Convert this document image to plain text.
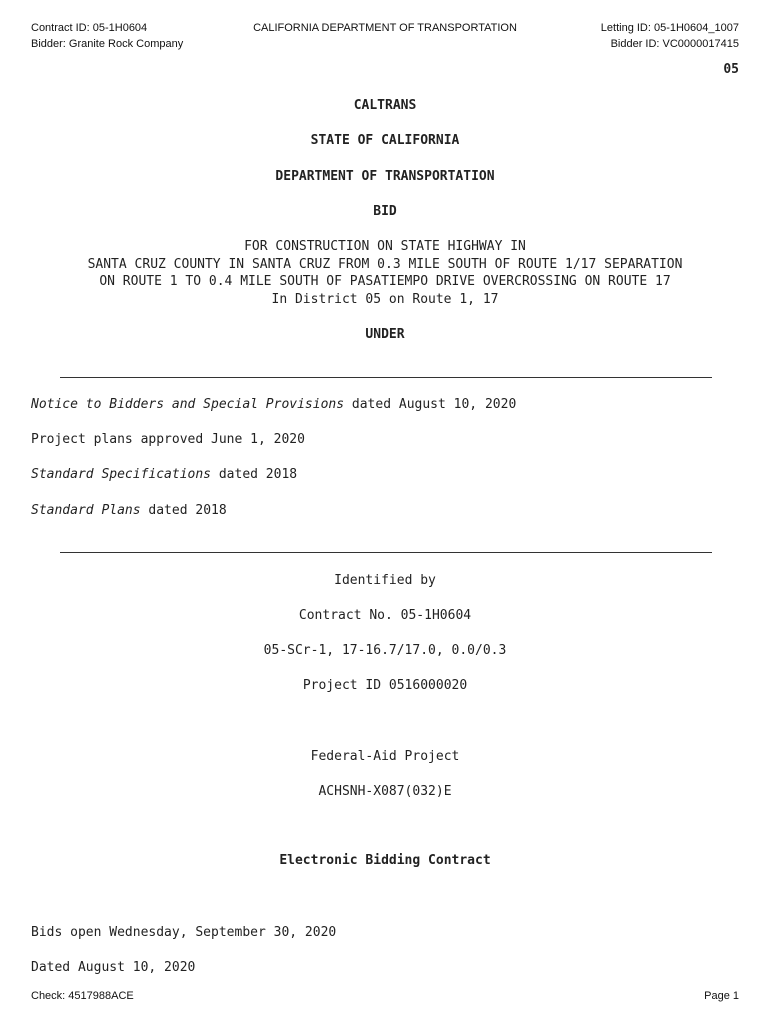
Contract ID: 05-1H0604
Bidder: Granite Rock Company
CALIFORNIA DEPARTMENT OF TRANSPORTATION	Letting ID: 05-1H0604_1007
Bidder ID: VC0000017415
05
CALTRANS
STATE OF CALIFORNIA
DEPARTMENT OF TRANSPORTATION
BID
FOR CONSTRUCTION ON STATE HIGHWAY IN
SANTA CRUZ COUNTY IN SANTA CRUZ FROM 0.3 MILE SOUTH OF ROUTE 1/17 SEPARATION
ON ROUTE 1 TO 0.4 MILE SOUTH OF PASATIEMPO DRIVE OVERCROSSING ON ROUTE 17
In District 05 on Route 1, 17
UNDER
Notice to Bidders and Special Provisions dated August 10, 2020
Project plans approved June 1, 2020
Standard Specifications dated 2018
Standard Plans dated 2018
Identified by
Contract No. 05-1H0604
05-SCr-1, 17-16.7/17.0, 0.0/0.3
Project ID 0516000020
Federal-Aid Project
ACHSNH-X087(032)E
Electronic Bidding Contract
Bids open Wednesday, September 30, 2020
Dated August 10, 2020
Check: 4517988ACE	Page 1
